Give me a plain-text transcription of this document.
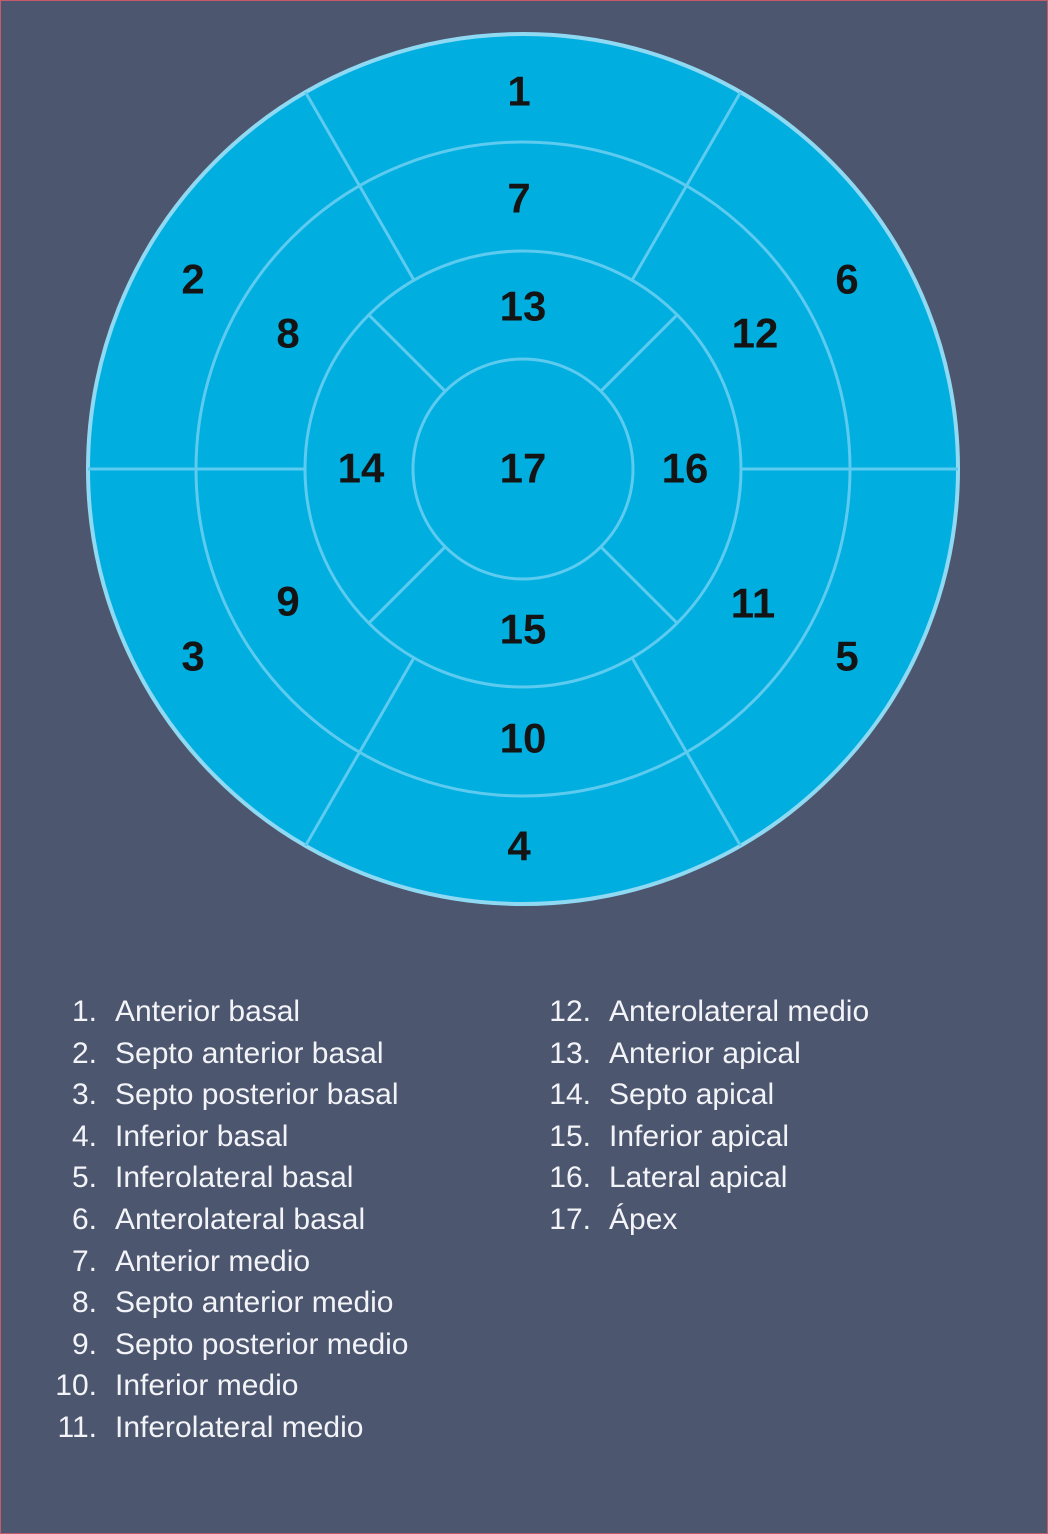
1
2
3
4
5
6
7
8
9
10
11
12
13
14
15
16
17
1. Anterior basal
2. Septo anterior basal
3. Septo posterior basal
4. Inferior basal
5. Inferolateral basal
6. Anterolateral basal
7. Anterior medio
8. Septo anterior medio
9. Septo posterior medio
10. Inferior medio
11. Inferolateral medio
12. Anterolateral medio
13. Anterior apical
14. Septo apical
15. Inferior apical
16. Lateral apical
17. Ápex
